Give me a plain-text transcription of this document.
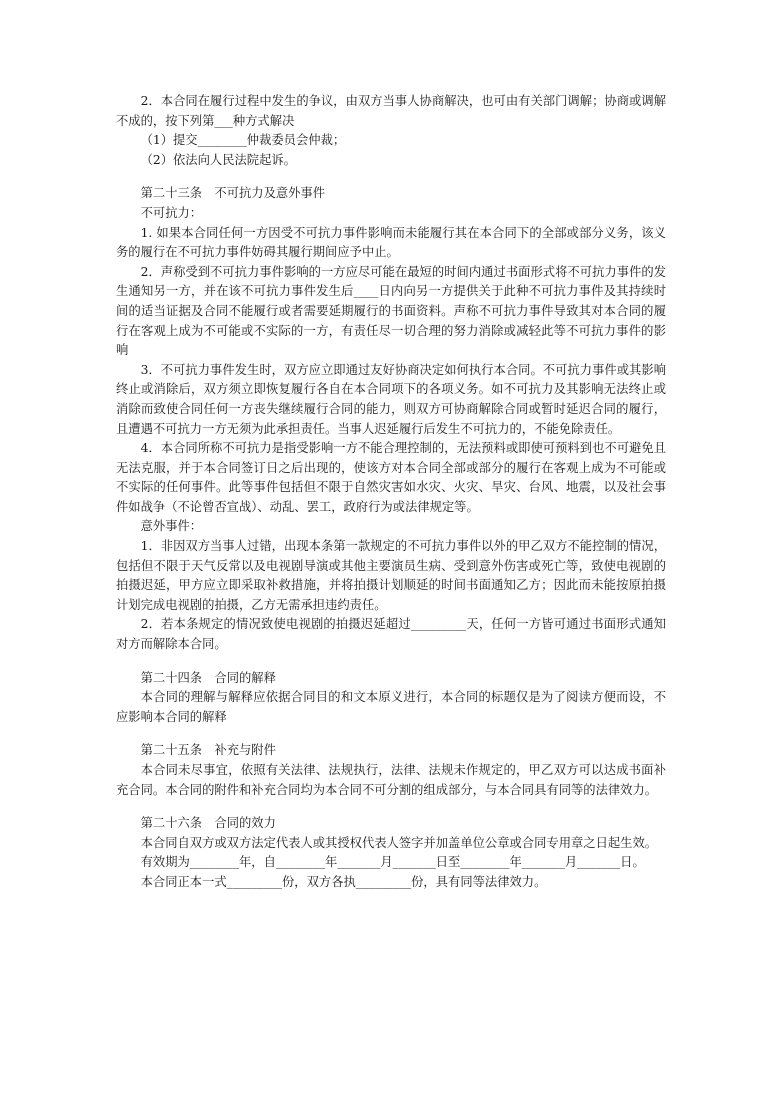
2．本合同在履行过程中发生的争议，由双方当事人协商解决，也可由有关部门调解；协商或调解不成的，按下列第___种方式解决

（1）提交________仲裁委员会仲裁；

（2）依法向人民法院起诉。

第二十三条 不可抗力及意外事件

不可抗力：

1. 如果本合同任何一方因受不可抗力事件影响而未能履行其在本合同下的全部或部分义务，该义务的履行在不可抗力事件妨碍其履行期间应予中止。

2．声称受到不可抗力事件影响的一方应尽可能在最短的时间内通过书面形式将不可抗力事件的发生通知另一方，并在该不可抗力事件发生后____日内向另一方提供关于此种不可抗力事件及其持续时间的适当证据及合同不能履行或者需要延期履行的书面资料。声称不可抗力事件导致其对本合同的履行在客观上成为不可能或不实际的一方，有责任尽一切合理的努力消除或减轻此等不可抗力事件的影响

3．不可抗力事件发生时，双方应立即通过友好协商决定如何执行本合同。不可抗力事件或其影响终止或消除后，双方须立即恢复履行各自在本合同项下的各项义务。如不可抗力及其影响无法终止或消除而致使合同任何一方丧失继续履行合同的能力，则双方可协商解除合同或暂时延迟合同的履行，且遭遇不可抗力一方无须为此承担责任。当事人迟延履行后发生不可抗力的，不能免除责任。

4．本合同所称不可抗力是指受影响一方不能合理控制的，无法预料或即使可预料到也不可避免且无法克服，并于本合同签订日之后出现的，使该方对本合同全部或部分的履行在客观上成为不可能或不实际的任何事件。此等事件包括但不限于自然灾害如水灾、火灾、旱灾、台风、地震，以及社会事件如战争（不论曾否宣战）、动乱、罢工，政府行为或法律规定等。

意外事件：

1．非因双方当事人过错，出现本条第一款规定的不可抗力事件以外的甲乙双方不能控制的情况，包括但不限于天气反常以及电视剧导演或其他主要演员生病、受到意外伤害或死亡等，致使电视剧的拍摄迟延，甲方应立即采取补救措施，并将拍摄计划顺延的时间书面通知乙方；因此而未能按原拍摄计划完成电视剧的拍摄，乙方无需承担违约责任。

2．若本条规定的情况致使电视剧的拍摄迟延超过_________天，任何一方皆可通过书面形式通知对方而解除本合同。

第二十四条 合同的解释

本合同的理解与解释应依据合同目的和文本原义进行，本合同的标题仅是为了阅读方便而设，不应影响本合同的解释

第二十五条 补充与附件

本合同未尽事宜，依照有关法律、法规执行，法律、法规未作规定的，甲乙双方可以达成书面补充合同。本合同的附件和补充合同均为本合同不可分割的组成部分，与本合同具有同等的法律效力。

第二十六条 合同的效力

本合同自双方或双方法定代表人或其授权代表人签字并加盖单位公章或合同专用章之日起生效。

有效期为________年，自________年_______月_______日至________年_______月_______日。

本合同正本一式_________份，双方各执_________份，具有同等法律效力。
